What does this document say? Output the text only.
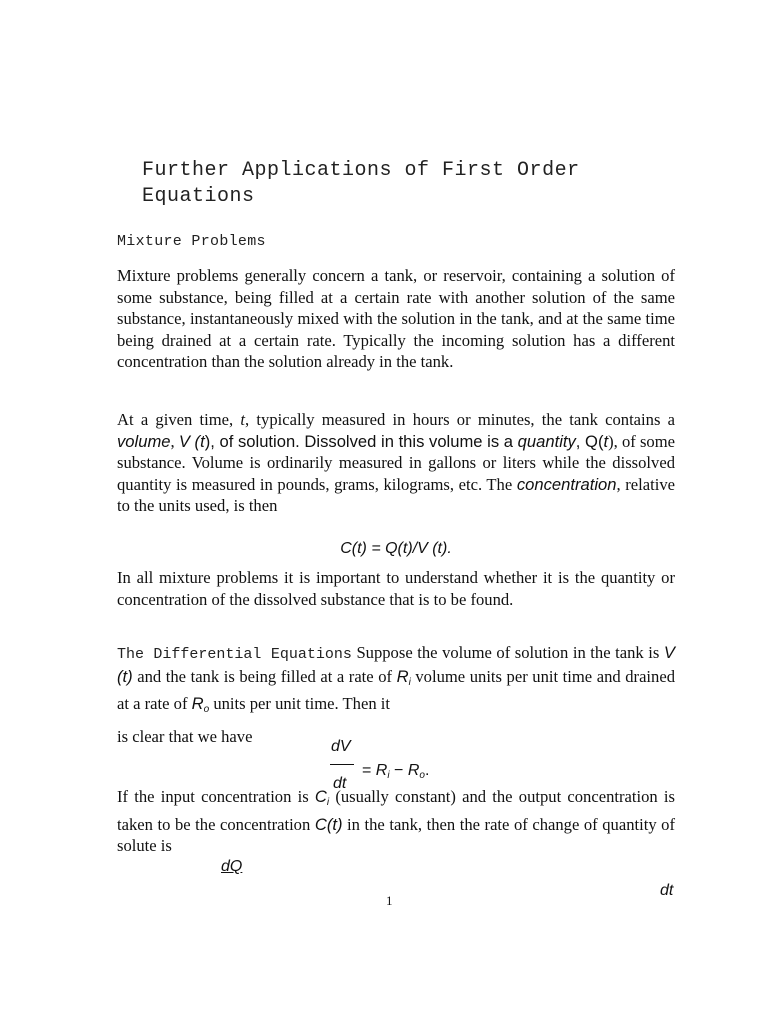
Further Applications of First Order
Equations
Mixture Problems
Mixture problems generally concern a tank, or reservoir, containing a solution of some substance, being filled at a certain rate with another solution of the same substance, instantaneously mixed with the solution in the tank, and at the same time being drained at a certain rate. Typically the incoming solution has a different concentration than the solution already in the tank.
At a given time, t, typically measured in hours or minutes, the tank contains a volume, V (t), of solution. Dissolved in this volume is a quantity, Q(t), of some substance. Volume is ordinarily measured in gallons or liters while the dissolved quantity is measured in pounds, grams, kilograms, etc. The concentration, relative to the units used, is then
C(t) = Q(t)/V (t).
In all mixture problems it is important to understand whether it is the quantity or concentration of the dissolved substance that is to be found.
The Differential Equations Suppose the volume of solution in the tank is V (t) and the tank is being filled at a rate of $R_i$ volume units per unit time and drained at a rate of $R_o$ units per unit time. Then it
is clear that we have
dV
= $R_i - R_o$.
dt
If the input concentration is $C_i$ (usually constant) and the output concentration is taken to be the concentration C(t) in the tank, then the rate of change of quantity of solute is
dQ
dt
1
